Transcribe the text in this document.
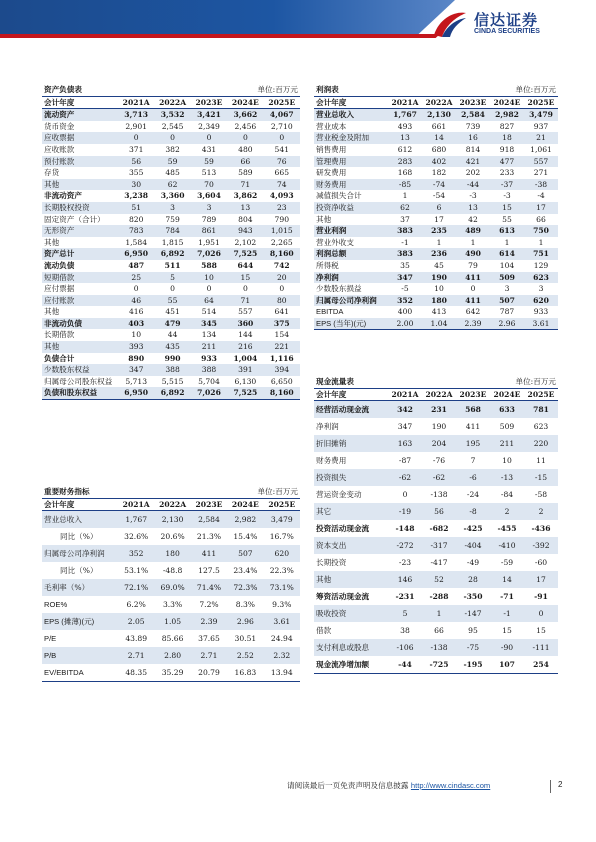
信达证券
CINDA SECURITIES
资产负债表			单位:百万元		
会计年度	2021A	2022A	2023E	2024E	2025E
流动资产	3,713	3,532	3,421	3,662	4,067
货币资金	2,901	2,545	2,349	2,456	2,710
应收票据	0	0	0	0	0
应收账款	371	382	431	480	541
预付账款	56	59	59	66	76
存货	355	485	513	589	665
其他	30	62	70	71	74
非流动资产	3,238	3,360	3,604	3,862	4,093
长期股权投资	51	3	3	13	23
固定资产（合计）	820	759	789	804	790
无形资产	783	784	861	943	1,015
其他	1,584	1,815	1,951	2,102	2,265
资产总计	6,950	6,892	7,026	7,525	8,160
流动负债	487	511	588	644	742
短期借款	25	5	10	15	20
应付票据	0	0	0	0	0
应付账款	46	55	64	71	80
其他	416	451	514	557	641
非流动负债	403	479	345	360	375
长期借款	10	44	134	144	154
其他	393	435	211	216	221
负债合计	890	990	933	1,004	1,116
少数股东权益	347	388	388	391	394
归属母公司股东权益	5,713	5,515	5,704	6,130	6,650
负债和股东权益	6,950	6,892	7,026	7,525	8,160
利润表			单位:百万元		
会计年度	2021A	2022A	2023E	2024E	2025E
营业总收入	1,767	2,130	2,584	2,982	3,479
营业成本	493	661	739	827	937
营业税金及附加	13	14	16	18	21
销售费用	612	680	814	918	1,061
管理费用	283	402	421	477	557
研发费用	168	182	202	233	271
财务费用	-85	-74	-44	-37	-38
减值损失合计	1	-54	-3	-3	-4
投资净收益	62	6	13	15	17
其他	37	17	42	55	66
营业利润	383	235	489	613	750
营业外收支	-1	1	1	1	1
利润总额	383	236	490	614	751
所得税	35	45	79	104	129
净利润	347	190	411	509	623
少数股东损益	-5	10	0	3	3
归属母公司净利润	352	180	411	507	620
EBITDA	400	413	642	787	933
EPS (当年)(元)	2.00	1.04	2.39	2.96	3.61
重要财务指标			单位:百万元		
会计年度	2021A	2022A	2023E	2024E	2025E
营业总收入	1,767	2,130	2,584	2,982	3,479
同比（%）	32.6%	20.6%	21.3%	15.4%	16.7%
归属母公司净利润	352	180	411	507	620
同比（%）	53.1%	-48.8	127.5	23.4%	22.3%
毛利率（%）	72.1%	69.0%	71.4%	72.3%	73.1%
ROE%	6.2%	3.3%	7.2%	8.3%	9.3%
EPS (摊薄)(元)	2.05	1.05	2.39	2.96	3.61
P/E	43.89	85.66	37.65	30.51	24.94
P/B	2.71	2.80	2.71	2.52	2.32
EV/EBITDA	48.35	35.29	20.79	16.83	13.94
现金流量表			单位:百万元		
会计年度	2021A	2022A	2023E	2024E	2025E
经营活动现金流	342	231	568	633	781
净利润	347	190	411	509	623
折旧摊销	163	204	195	211	220
财务费用	-87	-76	7	10	11
投资损失	-62	-62	-6	-13	-15
营运资金变动	0	-138	-24	-84	-58
其它	-19	56	-8	2	2
投资活动现金流	-148	-682	-425	-455	-436
资本支出	-272	-317	-404	-410	-392
长期投资	-23	-417	-49	-59	-60
其他	146	52	28	14	17
筹资活动现金流	-231	-288	-350	-71	-91
吸收投资	5	1	-147	-1	0
借款	38	66	95	15	15
支付利息或股息	-106	-138	-75	-90	-111
现金流净增加额	-44	-725	-195	107	254
请阅读最后一页免责声明及信息披露 http://www.cindasc.com	2
